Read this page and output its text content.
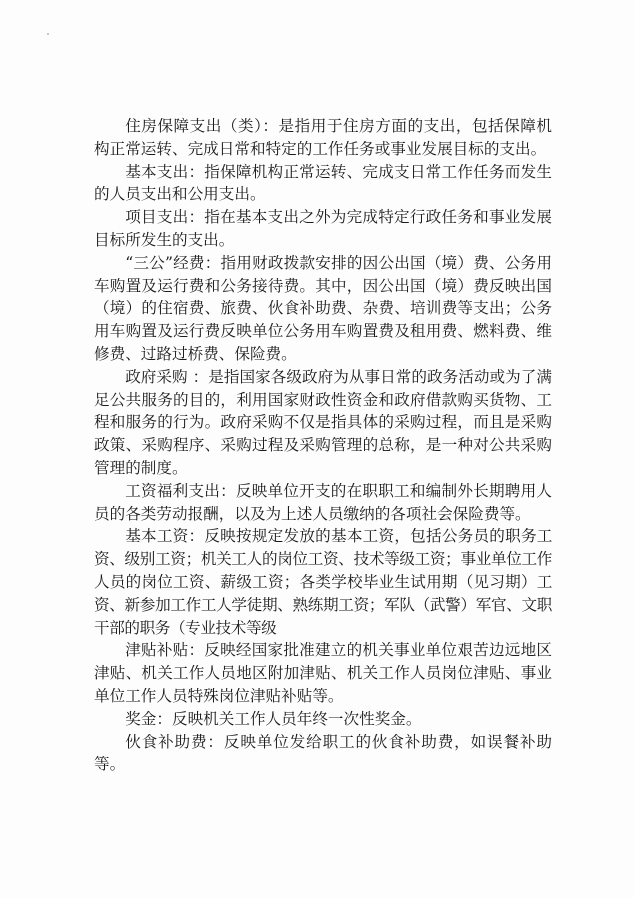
住房保障支出（类）：是指用于住房方面的支出，包括保障机构正常运转、完成日常和特定的工作任务或事业发展目标的支出。

基本支出：指保障机构正常运转、完成支日常工作任务而发生的人员支出和公用支出。

项目支出：指在基本支出之外为完成特定行政任务和事业发展目标所发生的支出。

“三公”经费：指用财政拨款安排的因公出国（境）费、公务用车购置及运行费和公务接待费。其中，因公出国（境）费反映出国（境）的住宿费、旅费、伙食补助费、杂费、培训费等支出；公务用车购置及运行费反映单位公务用车购置费及租用费、燃料费、维修费、过路过桥费、保险费。

政府采购 ：是指国家各级政府为从事日常的政务活动或为了满足公共服务的目的，利用国家财政性资金和政府借款购买货物、工程和服务的行为。政府采购不仅是指具体的采购过程，而且是采购政策、采购程序、采购过程及采购管理的总称，是一种对公共采购管理的制度。

工资福利支出：反映单位开支的在职职工和编制外长期聘用人员的各类劳动报酬，以及为上述人员缴纳的各项社会保险费等。

基本工资：反映按规定发放的基本工资，包括公务员的职务工资、级别工资；机关工人的岗位工资、技术等级工资；事业单位工作人员的岗位工资、薪级工资；各类学校毕业生试用期（见习期）工资、新参加工作工人学徒期、熟练期工资；军队（武警）军官、文职干部的职务（专业技术等级

津贴补贴：反映经国家批准建立的机关事业单位艰苦边远地区津贴、机关工作人员地区附加津贴、机关工作人员岗位津贴、事业单位工作人员特殊岗位津贴补贴等。

奖金：反映机关工作人员年终一次性奖金。

伙食补助费：反映单位发给职工的伙食补助费，如误餐补助等。
